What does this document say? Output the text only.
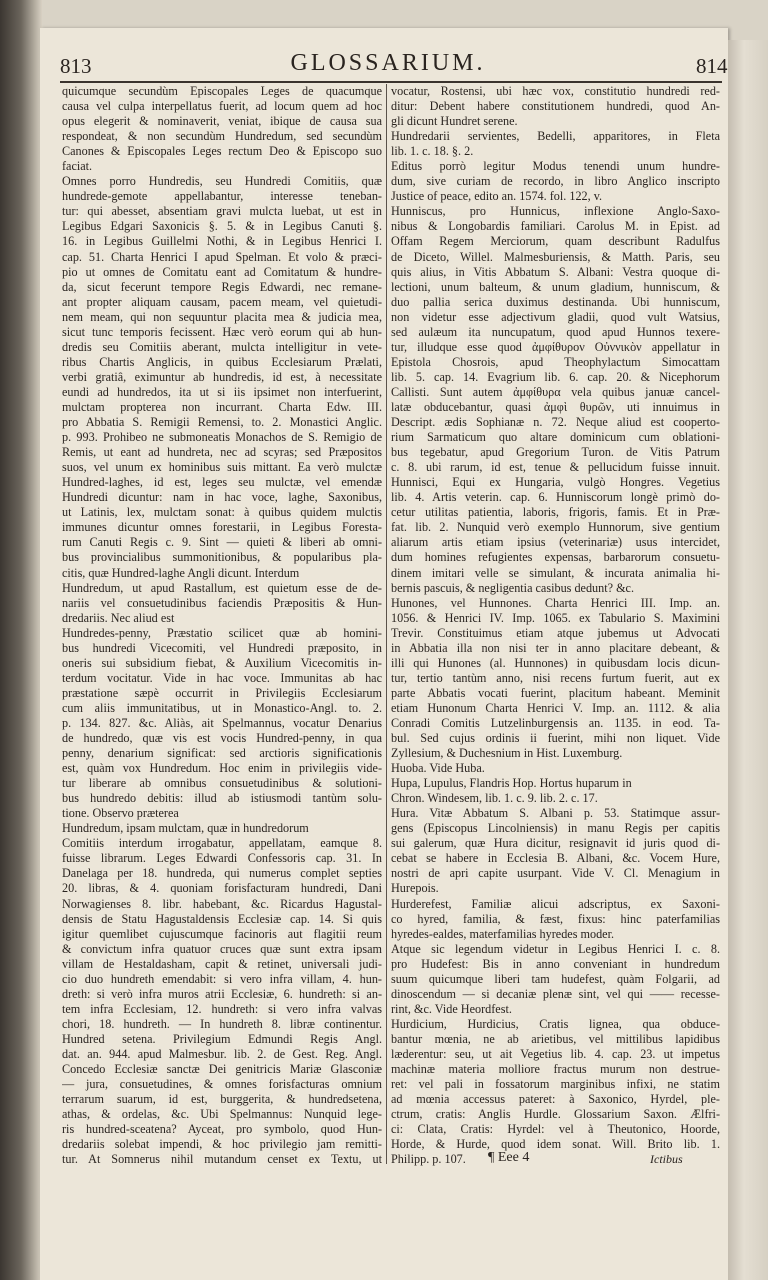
813	GLOSSARIUM.	814
quicumque secundùm Episcopales Leges de quacumque
causa vel culpa interpellatus fuerit, ad locum quem ad hoc
opus elegerit & nominaverit, veniat, ibique de causa sua
respondeat, & non secundùm Hundredum, sed secundùm
Canones & Episcopales Leges rectum Deo & Episcopo suo
faciat.
Omnes porro Hundredis, seu Hundredi Comitiis, quæ
hundrede-gemote appellabantur, interesse teneban-
tur: qui abesset, absentiam gravi mulcta luebat, ut est in
Legibus Edgari Saxonicis §. 5. & in Legibus Canuti §.
16. in Legibus Guillelmi Nothi, & in Legibus Henrici I.
cap. 51. Charta Henrici I apud Spelman. Et volo & præci-
pio ut omnes de Comitatu eant ad Comitatum & hundre-
da, sicut fecerunt tempore Regis Edwardi, nec remane-
ant propter aliquam causam, pacem meam, vel quietudi-
nem meam, qui non sequuntur placita mea & judicia mea,
sicut tunc temporis fecissent. Hæc verò eorum qui ab hun-
dredis seu Comitiis aberant, mulcta intelligitur in vete-
ribus Chartis Anglicis, in quibus Ecclesiarum Prælati,
verbi gratiâ, eximuntur ab hundredis, id est, à necessitate
eundi ad hundredos, ita ut si iis ipsimet non interfuerint,
mulctam propterea non incurrant. Charta Edw. III.
pro Abbatia S. Remigii Remensi, to. 2. Monastici Anglic.
p. 993. Prohibeo ne submoneatis Monachos de S. Remigio de
Remis, ut eant ad hundreta, nec ad scyras; sed Præpositos
suos, vel unum ex hominibus suis mittant. Ea verò mulctæ
Hundred-laghes, id est, leges seu mulctæ, vel emendæ
Hundredi dicuntur: nam in hac voce, laghe, Saxonibus,
ut Latinis, lex, mulctam sonat: à quibus quidem mulctis
immunes dicuntur omnes forestarii, in Legibus Foresta-
rum Canuti Regis c. 9. Sint — quieti & liberi ab omni-
bus provincialibus summonitionibus, & popularibus pla-
citis, quæ Hundred-laghe Angli dicunt. Interdum
Hundredum, ut apud Rastallum, est quietum esse de de-
nariis vel consuetudinibus faciendis Præpositis & Hun-
dredariis. Nec aliud est
Hundredes-penny, Præstatio scilicet quæ ab homini-
bus hundredi Vicecomiti, vel Hundredi præposito, in
oneris sui subsidium fiebat, & Auxilium Vicecomitis in-
terdum vocitatur. Vide in hac voce. Immunitas ab hac
præstatione sæpè occurrit in Privilegiis Ecclesiarum
cum aliis immunitatibus, ut in Monastico-Angl. to. 2.
p. 134. 827. &c. Aliàs, ait Spelmannus, vocatur Denarius
de hundredo, quæ vis est vocis Hundred-penny, in qua
penny, denarium significat: sed arctioris significationis
est, quàm vox Hundredum. Hoc enim in privilegiis vide-
tur liberare ab omnibus consuetudinibus & solutioni-
bus hundredo debitis: illud ab istiusmodi tantùm solu-
tione. Observo præterea
Hundredum, ipsam mulctam, quæ in hundredorum
Comitiis interdum irrogabatur, appellatam, eamque 8.
fuisse librarum. Leges Edwardi Confessoris cap. 31. In
Danelaga per 18. hundreda, qui numerus complet septies
20. libras, & 4. quoniam forisfacturam hundredi, Dani
Norwagienses 8. libr. habebant, &c. Ricardus Hagustal-
densis de Statu Hagustaldensis Ecclesiæ cap. 14. Si quis
igitur quemlibet cujuscumque facinoris aut flagitii reum
& convictum infra quatuor cruces quæ sunt extra ipsam
villam de Hestaldasham, capit & retinet, universali judi-
cio duo hundreth emendabit: si vero infra villam, 4. hun-
dreth: si verò infra muros atrii Ecclesiæ, 6. hundreth: si an-
tem infra Ecclesiam, 12. hundreth: si vero infra valvas
chori, 18. hundreth. — In hundreth 8. libræ continentur.
Hundred setena. Privilegium Edmundi Regis Angl.
dat. an. 944. apud Malmesbur. lib. 2. de Gest. Reg. Angl.
Concedo Ecclesiæ sanctæ Dei genitricis Mariæ Glasconiæ
— jura, consuetudines, & omnes forisfacturas omnium
terrarum suarum, id est, burggerita, & hundredsetena,
athas, & ordelas, &c. Ubi Spelmannus: Nunquid lege-
ris hundred-sceatena? Ayceat, pro symbolo, quod Hun-
dredariis solebat impendi, & hoc privilegio jam remitti-
tur. At Somnerus nihil mutandum censet ex Textu, ut
vocatur, Rostensi, ubi hæc vox, constitutio hundredi red-
ditur: Debent habere constitutionem hundredi, quod An-
gli dicunt Hundret serene.
Hundredarii servientes, Bedelli, apparitores, in Fleta
lib. 1. c. 18. §. 2.
Editus porrò legitur Modus tenendi unum hundre-
dum, sive curiam de recordo, in libro Anglico inscripto
Justice of peace, edito an. 1574. fol. 122, v.
Hunniscus, pro Hunnicus, inflexione Anglo-Saxo-
nibus & Longobardis familiari. Carolus M. in Epist. ad
Offam Regem Merciorum, quam describunt Radulfus
de Diceto, Willel. Malmesburiensis, & Matth. Paris, seu
quis alius, in Vitis Abbatum S. Albani: Vestra quoque di-
lectioni, unum balteum, & unum gladium, hunniscum, &
duo pallia serica duximus destinanda. Ubi hunniscum,
non videtur esse adjectivum gladii, quod vult Watsius,
sed aulæum ita nuncupatum, quod apud Hunnos texere-
tur, illudque esse quod ἀμφίθυρον Οὐννικὸν appellatur in
Epistola Chosrois, apud Theophylactum Simocattam
lib. 5. cap. 14. Evagrium lib. 6. cap. 20. & Nicephorum
Callisti. Sunt autem ἀμφίθυρα vela quibus januæ cancel-
latæ obducebantur, quasi ἀμφὶ θυρῶν, uti innuimus in
Descript. ædis Sophianæ n. 72. Neque aliud est cooperto-
rium Sarmaticum quo altare dominicum cum oblationi-
bus tegebatur, apud Gregorium Turon. de Vitis Patrum
c. 8. ubi rarum, id est, tenue & pellucidum fuisse innuit.
Hunnisci, Equi ex Hungaria, vulgò Hongres. Vegetius
lib. 4. Artis veterin. cap. 6. Hunniscorum longè primò do-
cetur utilitas patientia, laboris, frigoris, famis. Et in Præ-
fat. lib. 2. Nunquid verò exemplo Hunnorum, sive gentium
aliarum artis etiam ipsius (veterinariæ) usus intercidet,
dum homines refugientes expensas, barbarorum consuetu-
dinem imitari velle se simulant, & incurata animalia hi-
bernis pascuis, & negligentia casibus dedunt? &c.
Hunones, vel Hunnones. Charta Henrici III. Imp. an.
1056. & Henrici IV. Imp. 1065. ex Tabulario S. Maximini
Trevir. Constituimus etiam atque jubemus ut Advocati
in Abbatia illa non nisi ter in anno placitare debeant, &
illi qui Hunones (al. Hunnones) in quibusdam locis dicun-
tur, tertio tantùm anno, nisi recens furtum fuerit, aut ex
parte Abbatis vocati fuerint, placitum habeant. Meminit
etiam Hunonum Charta Henrici V. Imp. an. 1112. & alia
Conradi Comitis Lutzelinburgensis an. 1135. in eod. Ta-
bul. Sed cujus ordinis ii fuerint, mihi non liquet. Vide
Zyllesium, & Duchesnium in Hist. Luxemburg.
Huoba. Vide Huba.
Hupa, Lupulus, Flandris Hop. Hortus huparum in
Chron. Windesem, lib. 1. c. 9. lib. 2. c. 17.
Hura. Vitæ Abbatum S. Albani p. 53. Statimque assur-
gens (Episcopus Lincolniensis) in manu Regis per capitis
sui galerum, quæ Hura dicitur, resignavit id juris quod di-
cebat se habere in Ecclesia B. Albani, &c. Vocem Hure,
nostri de apri capite usurpant. Vide V. Cl. Menagium in
Hurepois.
Hurderefest, Familiæ alicui adscriptus, ex Saxoni-
co hyred, familia, & fæst, fixus: hinc paterfamilias
hyredes-ealdes, materfamilias hyredes moder.
Atque sic legendum videtur in Legibus Henrici I. c. 8.
pro Hudefest: Bis in anno conveniant in hundredum
suum quicumque liberi tam hudefest, quàm Folgarii, ad
dinoscendum — si decaniæ plenæ sint, vel qui —— recesse-
rint, &c. Vide Heordfest.
Hurdicium, Hurdicius, Cratis lignea, qua obduce-
bantur mœnia, ne ab arietibus, vel mittilibus lapidibus
læderentur: seu, ut ait Vegetius lib. 4. cap. 23. ut impetus
machinæ materia molliore fractus murum non destrue-
ret: vel pali in fossatorum marginibus infixi, ne statim
ad mœnia accessus pateret: à Saxonico, Hyrdel, ple-
ctrum, cratis: Anglis Hurdle. Glossarium Saxon. Ælfri-
ci: Clata, Cratis: Hyrdel: vel à Theutonico, Hoorde,
Horde, & Hurde, quod idem sonat. Will. Brito lib. 1.
Philipp. p. 107.	¶ Eee 4	Ictibus
